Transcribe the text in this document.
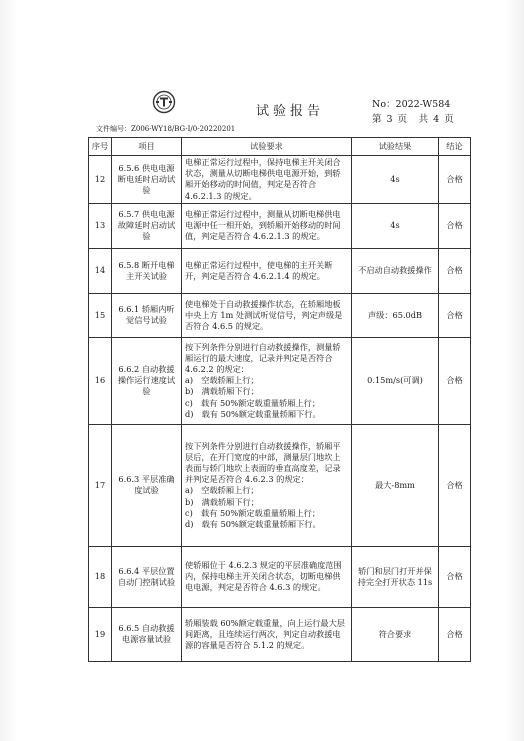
试验报告	No：2022-W584
第 3 页　共 4 页
文件编号：Z006-WY18/BG-I/0-20220201
序号	项目	试验要求	试验结果	结论
12	6.5.6 供电电源断电延时启动试验	电梯正常运行过程中，保持电梯主开关闭合状态，测量从切断电梯供电电源开始，到轿厢开始移动的时间值，判定是否符合 4.6.2.1.3 的规定。	4s	合格
13	6.5.7 供电电源故障延时启动试验	电梯正常运行过程中，测量从切断电梯供电电源中任一相开始，到轿厢开始移动的时间值，判定是否符合 4.6.2.1.3 的规定。	4s	合格
14	6.5.8 断开电梯主开关试验	电梯正常运行过程中，使电梯的主开关断开，判定是否符合 4.6.2.1.4 的规定。	不启动自动救援操作	合格
15	6.6.1 轿厢内听觉信号试验	使电梯处于自动救援操作状态，在轿厢地板中央上方 1m 处测试听觉信号，判定声级是否符合 4.6.5 的规定。	声级：65.0dB	合格
16	6.6.2 自动救援操作运行速度试验	按下列条件分别进行自动救援操作，测量轿厢运行的最大速度，记录并判定是否符合 4.6.2.2 的规定：
a)　空载轿厢上行；
b)　满载轿厢下行；
c)　载有 50%额定载重量轿厢上行；
d)　载有 50%额定载重量轿厢下行。	0.15m/s(可调)	合格
17	6.6.3 平层准确度试验	按下列条件分别进行自动救援操作，轿厢平层后，在开门宽度的中部，测量层门地坎上表面与轿门地坎上表面的垂直高度差，记录并判定是否符合 4.6.2.3 的规定：
a)　空载轿厢上行；
b)　满载轿厢下行；
c)　载有 50%额定载重量轿厢上行；
d)　载有 50%额定载重量轿厢下行。	最大-8mm	合格
18	6.6.4 平层位置自动门控制试验	使轿厢位于 4.6.2.3 规定的平层准确度范围内，保持电梯主开关闭合状态，切断电梯供电电源，判定是否符合 4.6.3 的规定。	轿门和层门打开并保持完全打开状态 11s	合格
19	6.6.5 自动救援电源容量试验	轿厢装载 60%额定载重量，向上运行最大层间距离，且连续运行两次，判定自动救援电源的容量是否符合 5.1.2 的规定。	符合要求	合格
